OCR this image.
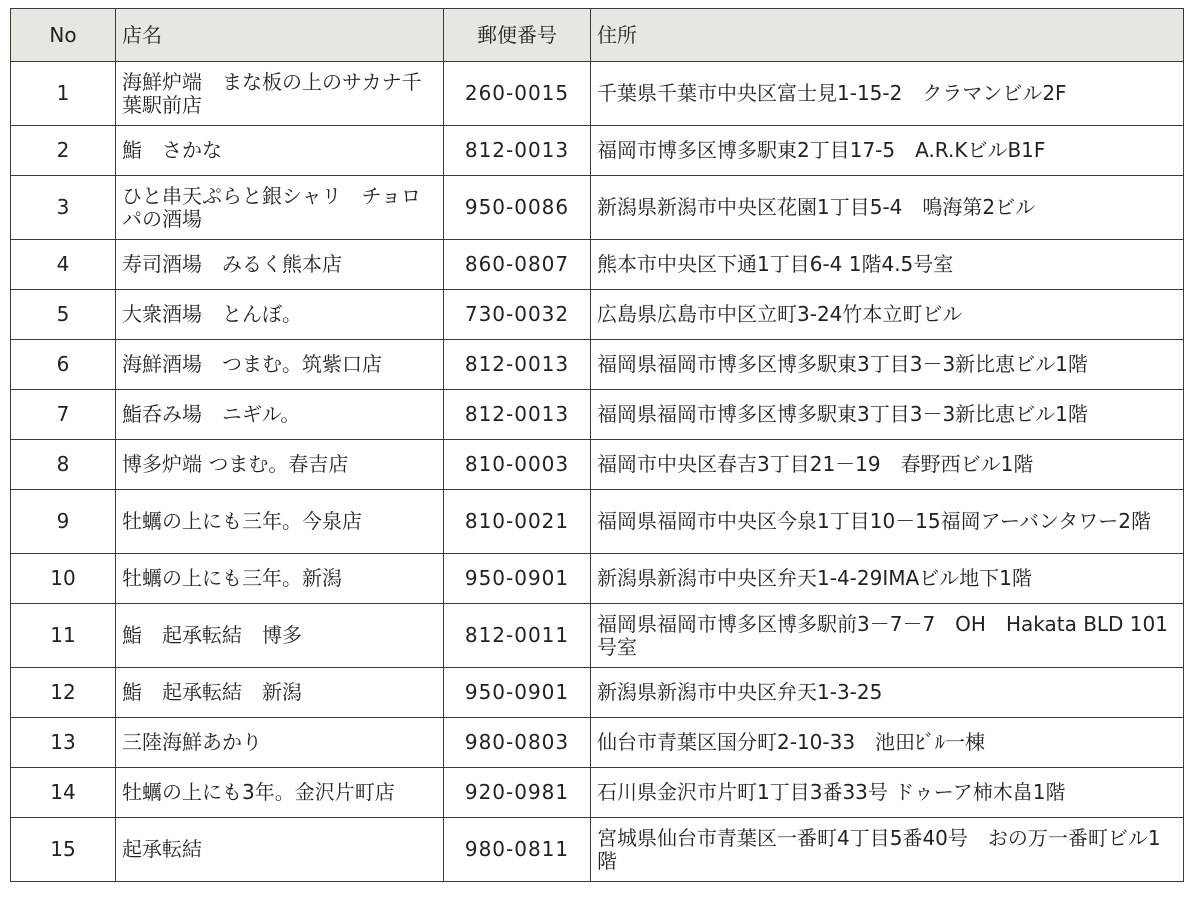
No	店名	郵便番号	住所
1	海鮮炉端　まな板の上のサカナ千葉駅前店	260-0015	千葉県千葉市中央区富士見1-15-2　クラマンビル2F
2	鮨　さかな	812-0013	福岡市博多区博多駅東2丁目17-5　A.R.KビルB1F
3	ひと串天ぷらと銀シャリ　チョロパの酒場	950-0086	新潟県新潟市中央区花園1丁目5-4　鳴海第2ビル
4	寿司酒場　みるく熊本店	860-0807	熊本市中央区下通1丁目6-4 1階4.5号室
5	大衆酒場　とんぼ。	730-0032	広島県広島市中区立町3-24竹本立町ビル
6	海鮮酒場　つまむ。筑紫口店	812-0013	福岡県福岡市博多区博多駅東3丁目3－3新比恵ビル1階
7	鮨呑み場　ニギル。	812-0013	福岡県福岡市博多区博多駅東3丁目3－3新比恵ビル1階
8	博多炉端 つまむ。春吉店	810-0003	福岡市中央区春吉3丁目21－19　春野西ビル1階
9	牡蠣の上にも三年。今泉店	810-0021	福岡県福岡市中央区今泉1丁目10－15福岡アーバンタワー2階
10	牡蠣の上にも三年。新潟	950-0901	新潟県新潟市中央区弁天1-4-29IMAビル地下1階
11	鮨　起承転結　博多	812-0011	福岡県福岡市博多区博多駅前3－7－7　OH　Hakata BLD 101号室
12	鮨　起承転結　新潟	950-0901	新潟県新潟市中央区弁天1-3-25
13	三陸海鮮あかり	980-0803	仙台市青葉区国分町2-10-33　池田ﾋﾞﾙ一棟
14	牡蠣の上にも3年。金沢片町店	920-0981	石川県金沢市片町1丁目3番33号 ドゥーア柿木畠1階
15	起承転結	980-0811	宮城県仙台市青葉区一番町4丁目5番40号　おの万一番町ビル1階
